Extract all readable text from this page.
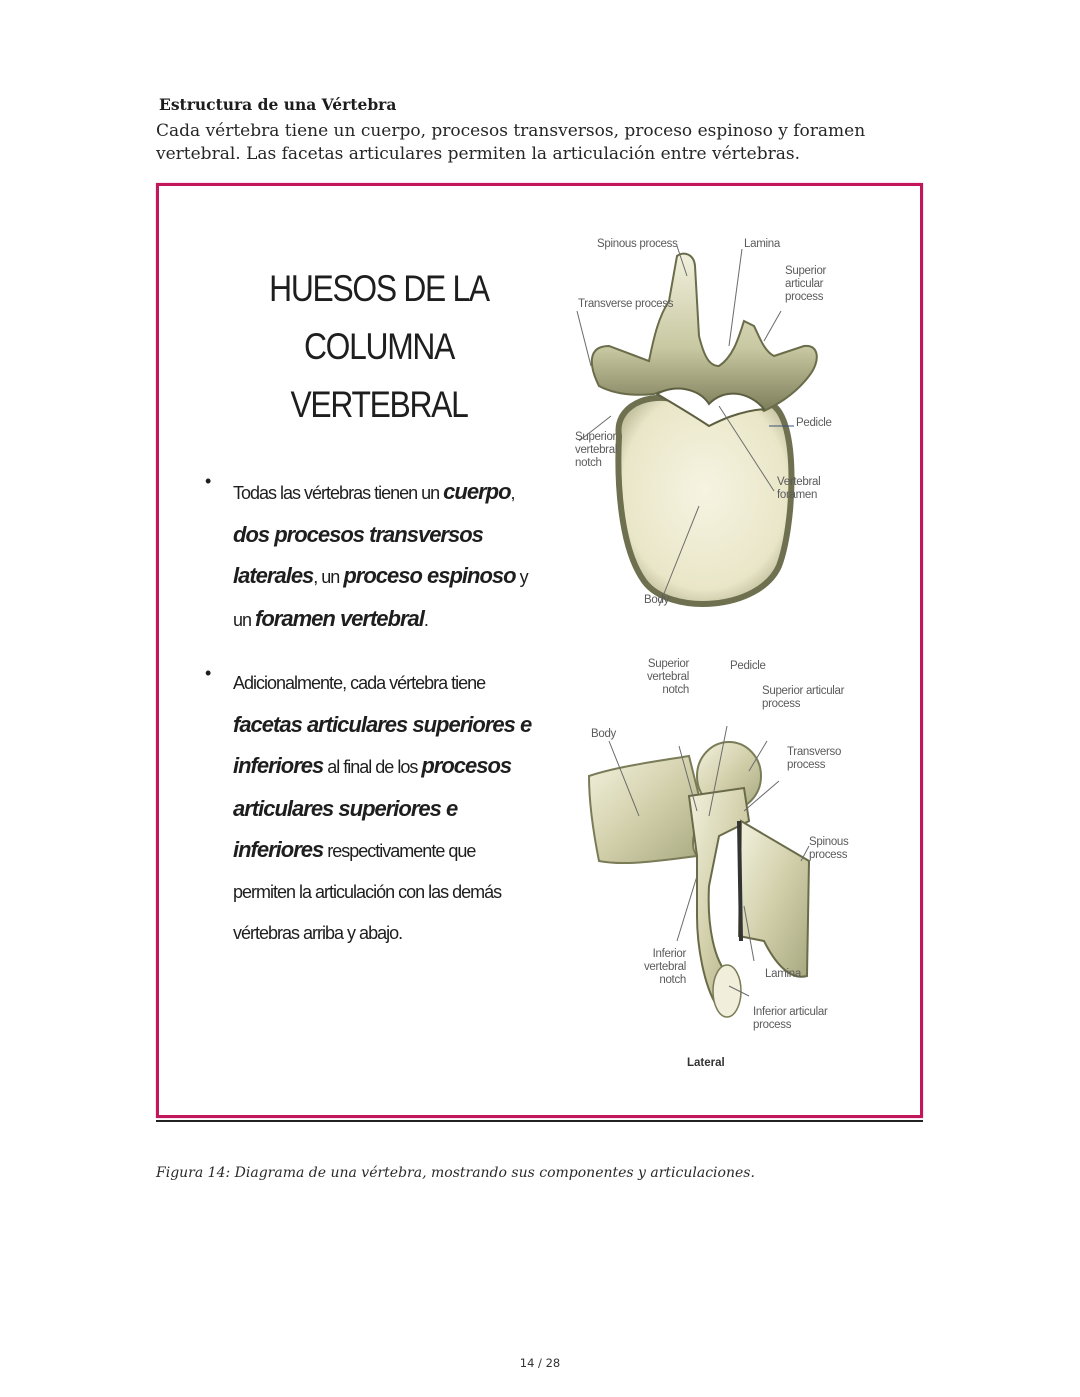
Estructura de una Vértebra
Cada vértebra tiene un cuerpo, procesos transversos, proceso espinoso y foramen vertebral. Las facetas articulares permiten la articulación entre vértebras.
HUESOS DE LA COLUMNA
VERTEBRAL
•
Todas las vértebras tienen un cuerpo,
dos procesos transversos
laterales, un proceso espinoso y
un foramen vertebral.
• Adicionalmente, cada vértebra tiene
facetas articulares superiores e
inferiores al final de los procesos
articulares superiores e
inferiores respectivamente que
permiten la articulación con las demás
vértebras arriba y abajo.
Spinous process	Lamina
Superior articular process
Transverse process
Pedicle
Superior vertebral notch
Vertebral foramen
Body
Superior vertebral notch
Pedicle
Superior articular process
Body
Transverso process
Spinous process
Inferior vertebral notch	Lamina
Inferior articular process
Lateral
Figura 14: Diagrama de una vértebra, mostrando sus componentes y articulaciones.
14 / 28
